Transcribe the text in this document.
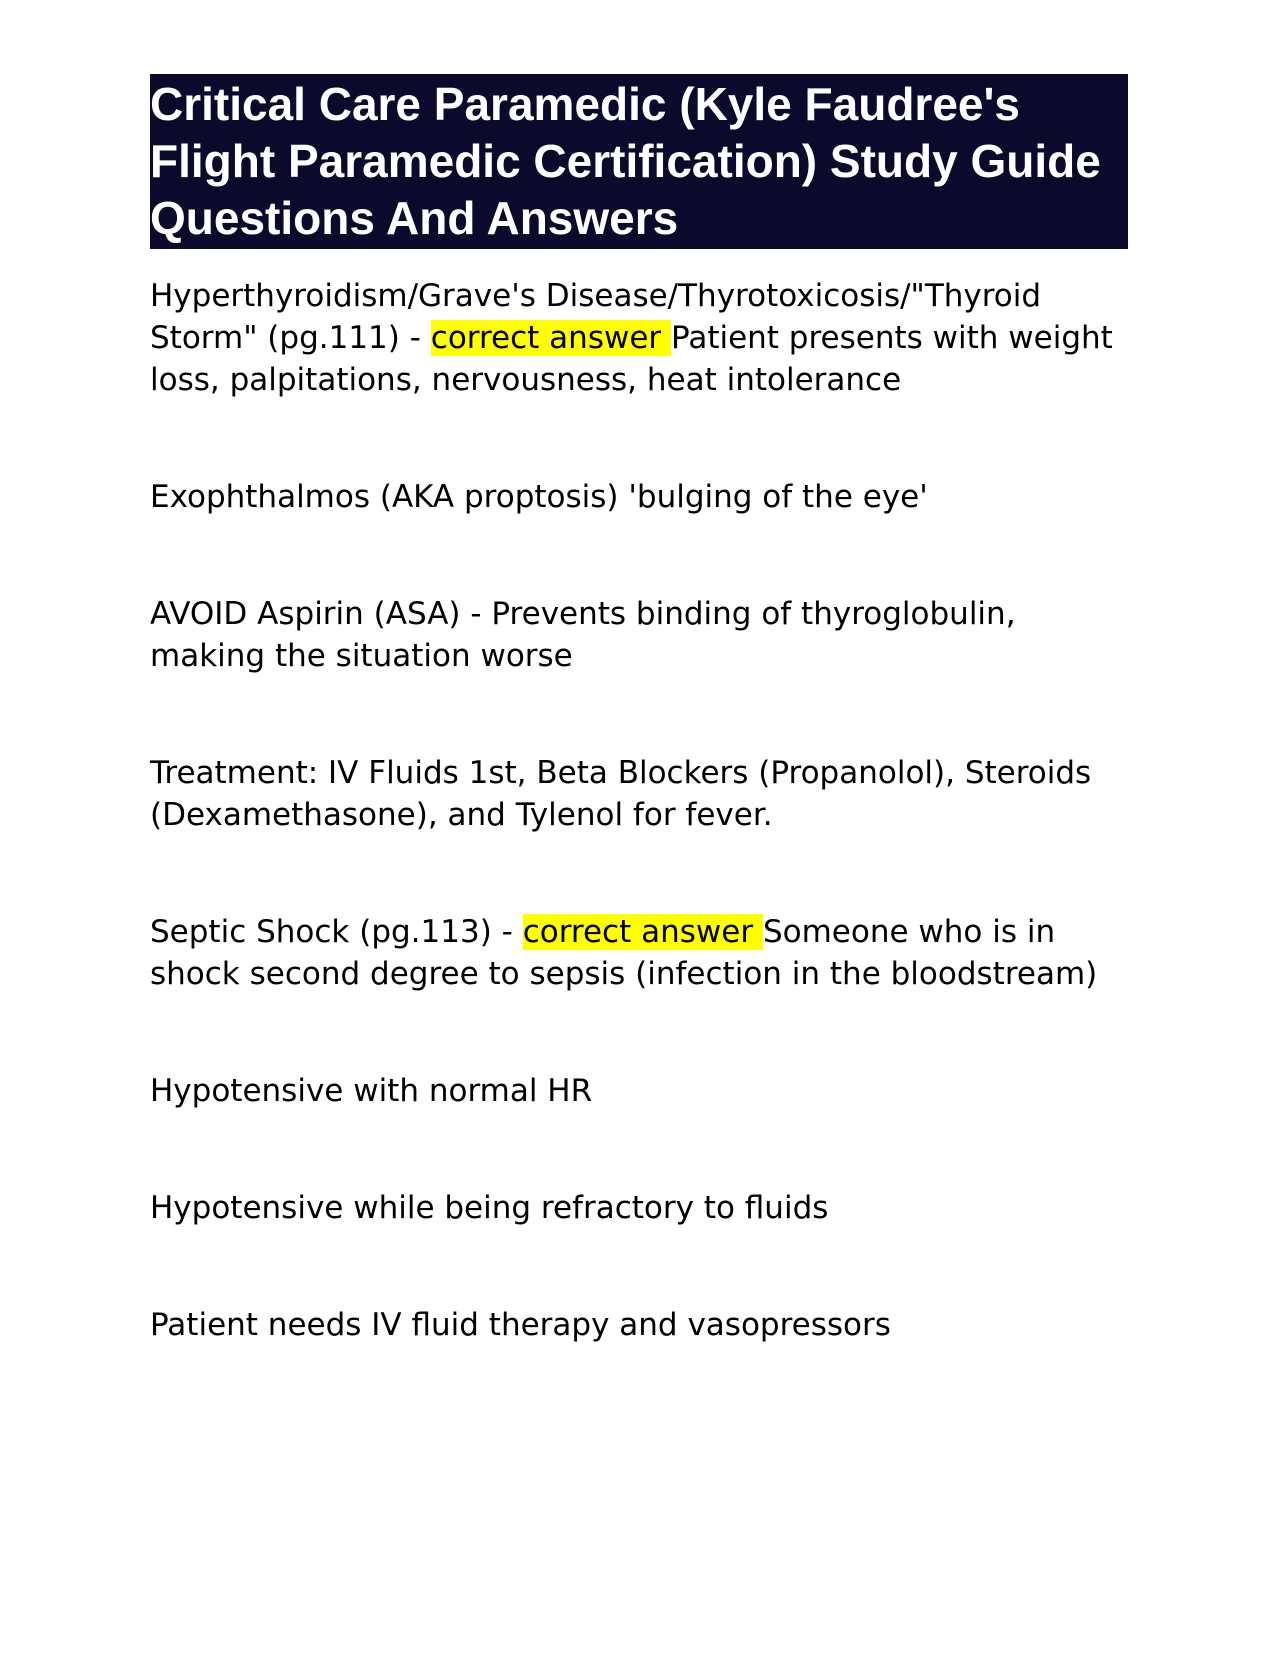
Critical Care Paramedic (Kyle Faudree's Flight Paramedic Certification) Study Guide Questions And Answers

Hyperthyroidism/Grave's Disease/Thyrotoxicosis/"Thyroid Storm" (pg.111) - correct answer Patient presents with weight loss, palpitations, nervousness, heat intolerance

Exophthalmos (AKA proptosis) 'bulging of the eye'

AVOID Aspirin (ASA) - Prevents binding of thyroglobulin, making the situation worse

Treatment: IV Fluids 1st, Beta Blockers (Propanolol), Steroids (Dexamethasone), and Tylenol for fever.

Septic Shock (pg.113) - correct answer Someone who is in shock second degree to sepsis (infection in the bloodstream)

Hypotensive with normal HR

Hypotensive while being refractory to fluids

Patient needs IV fluid therapy and vasopressors
